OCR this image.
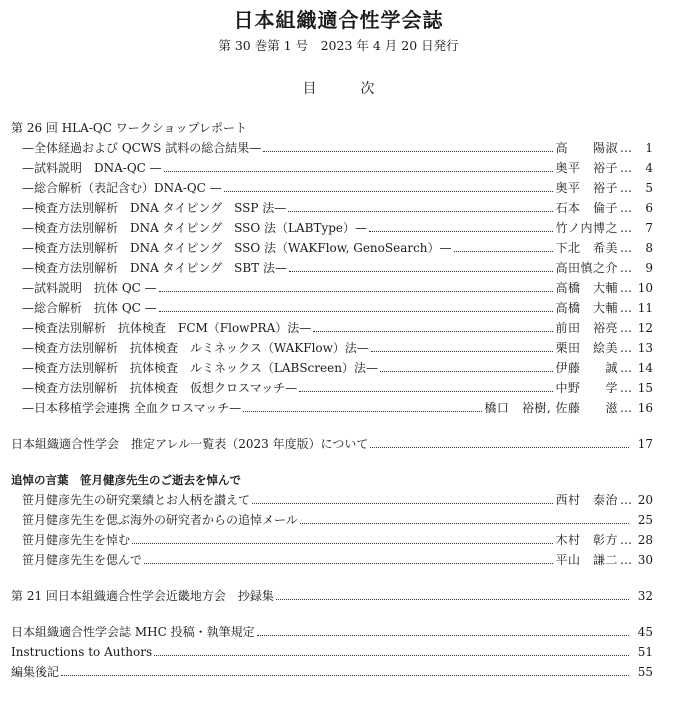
日本組織適合性学会誌
第 30 巻第 1 号　2023 年 4 月 20 日発行
目次
第 26 回 HLA-QC ワークショップレポート
—全体経過および QCWS 試料の総合結果—	高　　陽淑 …	1
—試料説明　DNA-QC —	奥平　裕子 …	4
—総合解析（表記含む）DNA-QC —	奥平　裕子 …	5
—検査方法別解析　DNA タイピング　SSP 法—	石本　倫子 …	6
—検査方法別解析　DNA タイピング　SSO 法（LABType）—	竹ノ内博之 …	7
—検査方法別解析　DNA タイピング　SSO 法（WAKFlow, GenoSearch）—	下北　希美 …	8
—検査方法別解析　DNA タイピング　SBT 法—	高田慎之介 …	9
—試料説明　抗体 QC —	高橋　大輔 … 10
—総合解析　抗体 QC —	高橋　大輔 … 11
—検査法別解析　抗体検査　FCM（FlowPRA）法—	前田　裕亮 … 12
—検査方法別解析　抗体検査　ルミネックス（WAKFlow）法—	栗田　絵美 … 13
—検査方法別解析　抗体検査　ルミネックス（LABScreen）法—	伊藤　　誠 … 14
—検査方法別解析　抗体検査　仮想クロスマッチ—	中野　　学 … 15
—日本移植学会連携 全血クロスマッチ—	橋口　裕樹, 佐藤　　滋 … 16
日本組織適合性学会　推定アレル一覧表（2023 年度版）について	17
追悼の言葉　笹月健彦先生のご逝去を悼んで
笹月健彦先生の研究業績とお人柄を讃えて	西村　泰治 … 20
笹月健彦先生を偲ぶ海外の研究者からの追悼メール	25
笹月健彦先生を悼む	木村　彰方 … 28
笹月健彦先生を偲んで	平山　謙二 … 30
第 21 回日本組織適合性学会近畿地方会　抄録集	32
日本組織適合性学会誌 MHC 投稿・執筆規定	45
Instructions to Authors	51
編集後記	55
